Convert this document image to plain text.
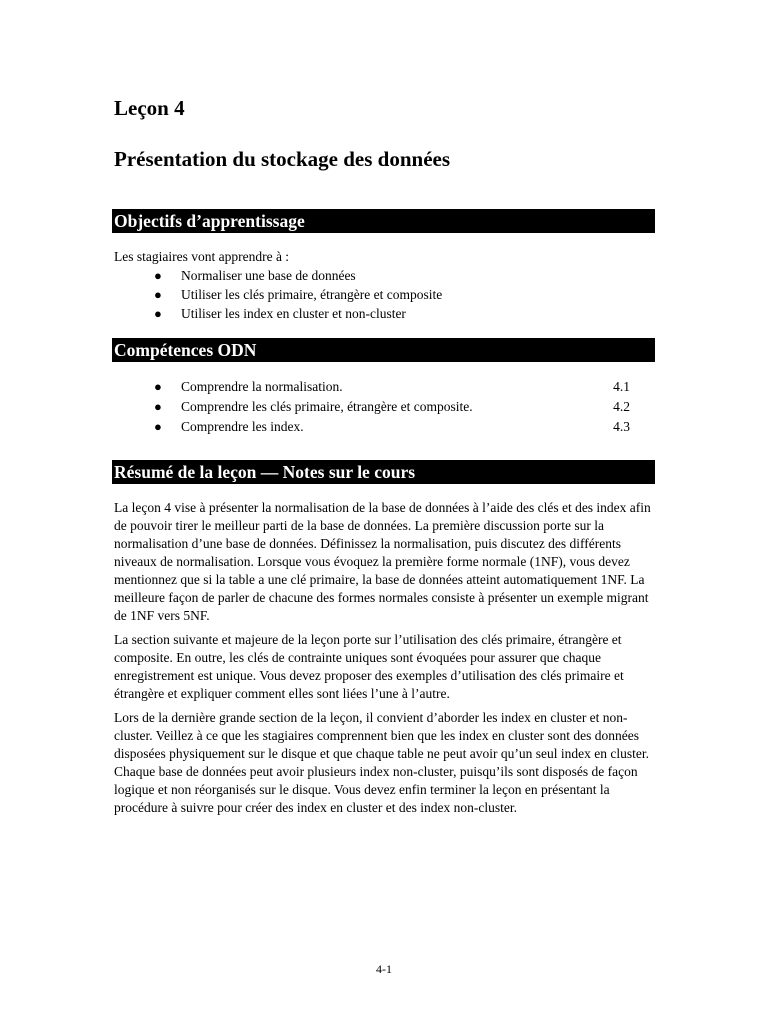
Leçon 4
Présentation du stockage des données
Objectifs d’apprentissage

Les stagiaires vont apprendre à :

● Normaliser une base de données
● Utiliser les clés primaire, étrangère et composite
● Utiliser les index en cluster et non-cluster
Compétences ODN
● Comprendre la normalisation.	4.1
● Comprendre les clés primaire, étrangère et composite.	4.2
● Comprendre les index.	4.3
Résumé de la leçon — Notes sur le cours

La leçon 4 vise à présenter la normalisation de la base de données à l’aide des clés et des index afin de pouvoir tirer le meilleur parti de la base de données. La première discussion porte sur la normalisation d’une base de données. Définissez la normalisation, puis discutez des différents niveaux de normalisation. Lorsque vous évoquez la première forme normale (1NF), vous devez mentionnez que si la table a une clé primaire, la base de données atteint automatiquement 1NF. La meilleure façon de parler de chacune des formes normales consiste à présenter un exemple migrant de 1NF vers 5NF.

La section suivante et majeure de la leçon porte sur l’utilisation des clés primaire, étrangère et composite. En outre, les clés de contrainte uniques sont évoquées pour assurer que chaque enregistrement est unique. Vous devez proposer des exemples d’utilisation des clés primaire et étrangère et expliquer comment elles sont liées l’une à l’autre.

Lors de la dernière grande section de la leçon, il convient d’aborder les index en cluster et non-cluster. Veillez à ce que les stagiaires comprennent bien que les index en cluster sont des données disposées physiquement sur le disque et que chaque table ne peut avoir qu’un seul index en cluster. Chaque base de données peut avoir plusieurs index non-cluster, puisqu’ils sont disposés de façon logique et non réorganisés sur le disque. Vous devez enfin terminer la leçon en présentant la procédure à suivre pour créer des index en cluster et des index non-cluster.

4-1
